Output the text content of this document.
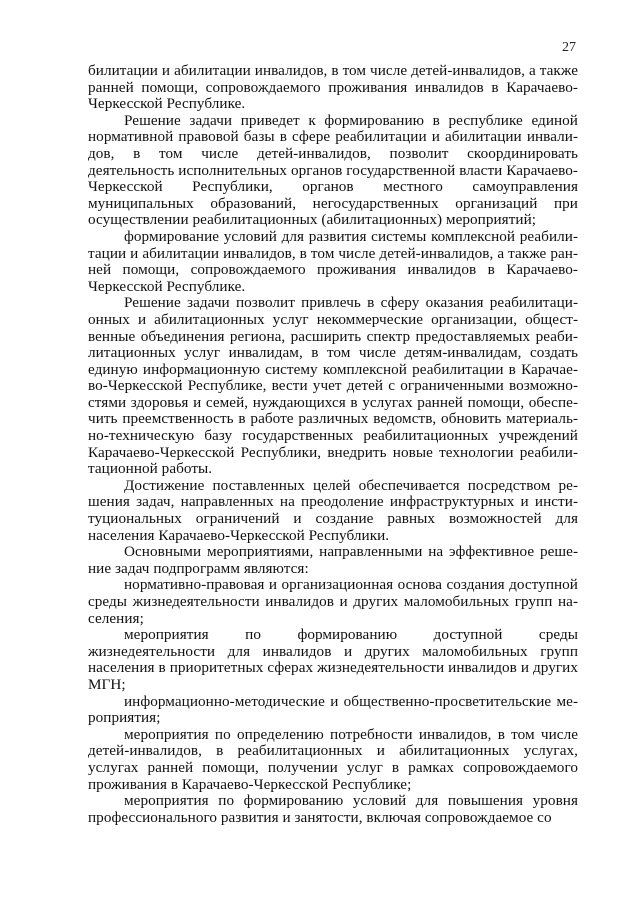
27

билитации и абилитации инвалидов, в том числе детей-инвалидов, а также ранней помощи, сопровождаемого проживания инвалидов в Карачаево-Черкесской Республике.

Решение задачи приведет к формированию в республике единой нормативной правовой базы в сфере реабилитации и абилитации инвалидов, в том числе детей-инвалидов, позволит скоординировать деятельность исполнительных органов государственной власти Карачаево-Черкесской Республики, органов местного самоуправления муниципальных образований, негосударственных организаций при осуществлении реабилитационных (абилитационных) мероприятий;

формирование условий для развития системы комплексной реабилитации и абилитации инвалидов, в том числе детей-инвалидов, а также ранней помощи, сопровождаемого проживания инвалидов в Карачаево-Черкесской Республике.

Решение задачи позволит привлечь в сферу оказания реабилитационных и абилитационных услуг некоммерческие организации, общественные объединения региона, расширить спектр предоставляемых реабилитационных услуг инвалидам, в том числе детям-инвалидам, создать единую информационную систему комплексной реабилитации в Карачаево-Черкесской Республике, вести учет детей с ограниченными возможностями здоровья и семей, нуждающихся в услугах ранней помощи, обеспечить преемственность в работе различных ведомств, обновить материально-техническую базу государственных реабилитационных учреждений Карачаево-Черкесской Республики, внедрить новые технологии реабилитационной работы.

Достижение поставленных целей обеспечивается посредством решения задач, направленных на преодоление инфраструктурных и институциональных ограничений и создание равных возможностей для населения Карачаево-Черкесской Республики.

Основными мероприятиями, направленными на эффективное решение задач подпрограмм являются:

нормативно-правовая и организационная основа создания доступной среды жизнедеятельности инвалидов и других маломобильных групп населения;

мероприятия по формированию доступной среды жизнедеятельности для инвалидов и других маломобильных групп населения в приоритетных сферах жизнедеятельности инвалидов и других МГН;

информационно-методические и общественно-просветительские мероприятия;

мероприятия по определению потребности инвалидов, в том числе детей-инвалидов, в реабилитационных и абилитационных услугах, услугах ранней помощи, получении услуг в рамках сопровождаемого проживания в Карачаево-Черкесской Республике;

мероприятия по формированию условий для повышения уровня профессионального развития и занятости, включая сопровождаемое со
